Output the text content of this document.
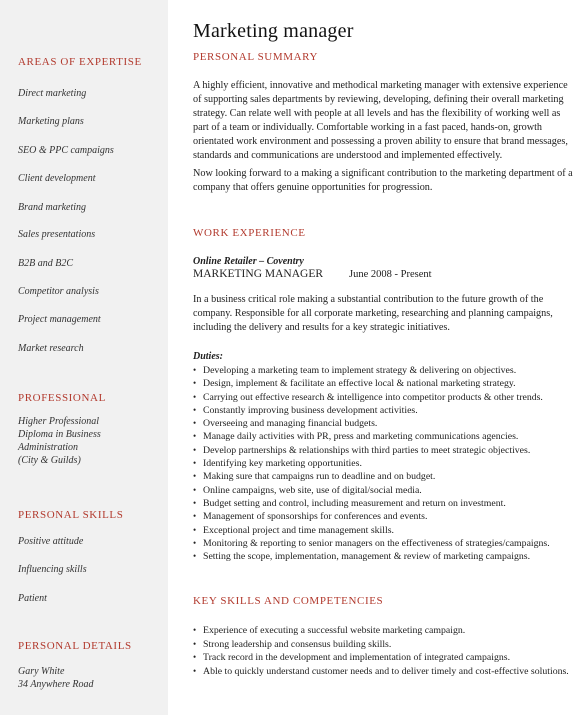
AREAS OF EXPERTISE
Direct marketing
Marketing plans
SEO & PPC campaigns
Client development
Brand marketing
Sales presentations
B2B and B2C
Competitor analysis
Project management
Market research
PROFESSIONAL
Higher Professional
Diploma in Business
Administration
(City & Guilds)
PERSONAL SKILLS
Positive attitude
Influencing skills
Patient
PERSONAL DETAILS
Gary White
34 Anywhere Road
Marketing manager
PERSONAL SUMMARY

A highly efficient, innovative and methodical marketing manager with extensive experience of supporting sales departments by reviewing, developing, defining their overall marketing strategy. Can relate well with people at all levels and has the flexibility of working well as part of a team or individually. Comfortable working in a fast paced, hands-on, growth orientated work environment and possessing a proven ability to ensure that brand messages, standards and communications are understood and implemented effectively.

Now looking forward to a making a significant contribution to the marketing department of a company that offers genuine opportunities for progression.

WORK EXPERIENCE
Online Retailer – Coventry
MARKETING MANAGER June 2008 - Present
In a business critical role making a substantial contribution to the future growth of the company. Responsible for all corporate marketing, researching and planning campaigns, including the delivery and results for a key strategic initiatives.
Duties:
• Developing a marketing team to implement strategy & delivering on objectives.
• Design, implement & facilitate an effective local & national marketing strategy.
• Carrying out effective research & intelligence into competitor products & other trends.
• Constantly improving business development activities.
• Overseeing and managing financial budgets.
• Manage daily activities with PR, press and marketing communications agencies.
• Develop partnerships & relationships with third parties to meet strategic objectives.
• Identifying key marketing opportunities.
• Making sure that campaigns run to deadline and on budget.
• Online campaigns, web site, use of digital/social media.
• Budget setting and control, including measurement and return on investment.
• Management of sponsorships for conferences and events.
• Exceptional project and time management skills.
• Monitoring & reporting to senior managers on the effectiveness of strategies/campaigns.
• Setting the scope, implementation, management & review of marketing campaigns.
KEY SKILLS AND COMPETENCIES
• Experience of executing a successful website marketing campaign.
• Strong leadership and consensus building skills.
• Track record in the development and implementation of integrated campaigns.
• Able to quickly understand customer needs and to deliver timely and cost-effective solutions.
